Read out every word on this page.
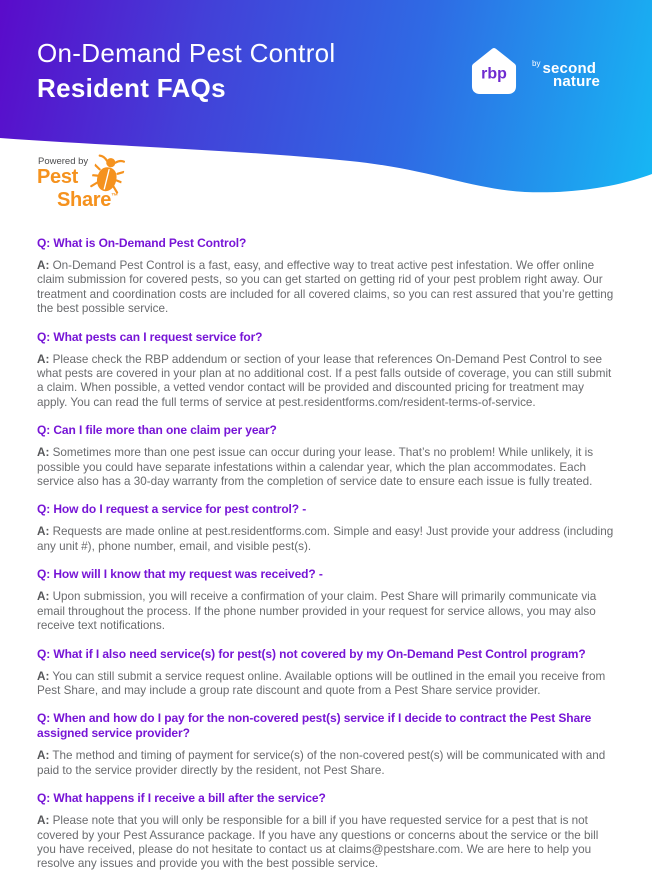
On-Demand Pest Control
Resident FAQs	rbp
$^{by}$ second
nature
Powered by
Pest
Share™
Q: What is On-Demand Pest Control?

A: On-Demand Pest Control is a fast, easy, and effective way to treat active pest infestation. We offer online claim submission for covered pests, so you can get started on getting rid of your pest problem right away. Our treatment and coordination costs are included for all covered claims, so you can rest assured that you’re getting the best possible service.

Q: What pests can I request service for?

A: Please check the RBP addendum or section of your lease that references On-Demand Pest Control to see what pests are covered in your plan at no additional cost. If a pest falls outside of coverage, you can still submit a claim. When possible, a vetted vendor contact will be provided and discounted pricing for treatment may apply. You can read the full terms of service at pest.residentforms.com/resident-terms-of-service.

Q: Can I file more than one claim per year?

A: Sometimes more than one pest issue can occur during your lease. That’s no problem! While unlikely, it is possible you could have separate infestations within a calendar year, which the plan accommodates. Each service also has a 30-day warranty from the completion of service date to ensure each issue is fully treated.

Q: How do I request a service for pest control? -

A: Requests are made online at pest.residentforms.com. Simple and easy! Just provide your address (including any unit #), phone number, email, and visible pest(s).

Q: How will I know that my request was received? -

A: Upon submission, you will receive a confirmation of your claim. Pest Share will primarily communicate via email throughout the process. If the phone number provided in your request for service allows, you may also receive text notifications.

Q: What if I also need service(s) for pest(s) not covered by my On-Demand Pest Control program?

A: You can still submit a service request online. Available options will be outlined in the email you receive from Pest Share, and may include a group rate discount and quote from a Pest Share service provider.

Q: When and how do I pay for the non-covered pest(s) service if I decide to contract the Pest Share assigned service provider?

A: The method and timing of payment for service(s) of the non-covered pest(s) will be communicated with and paid to the service provider directly by the resident, not Pest Share.

Q: What happens if I receive a bill after the service?

A: Please note that you will only be responsible for a bill if you have requested service for a pest that is not covered by your Pest Assurance package. If you have any questions or concerns about the service or the bill you have received, please do not hesitate to contact us at claims@pestshare.com. We are here to help you resolve any issues and provide you with the best possible service.
